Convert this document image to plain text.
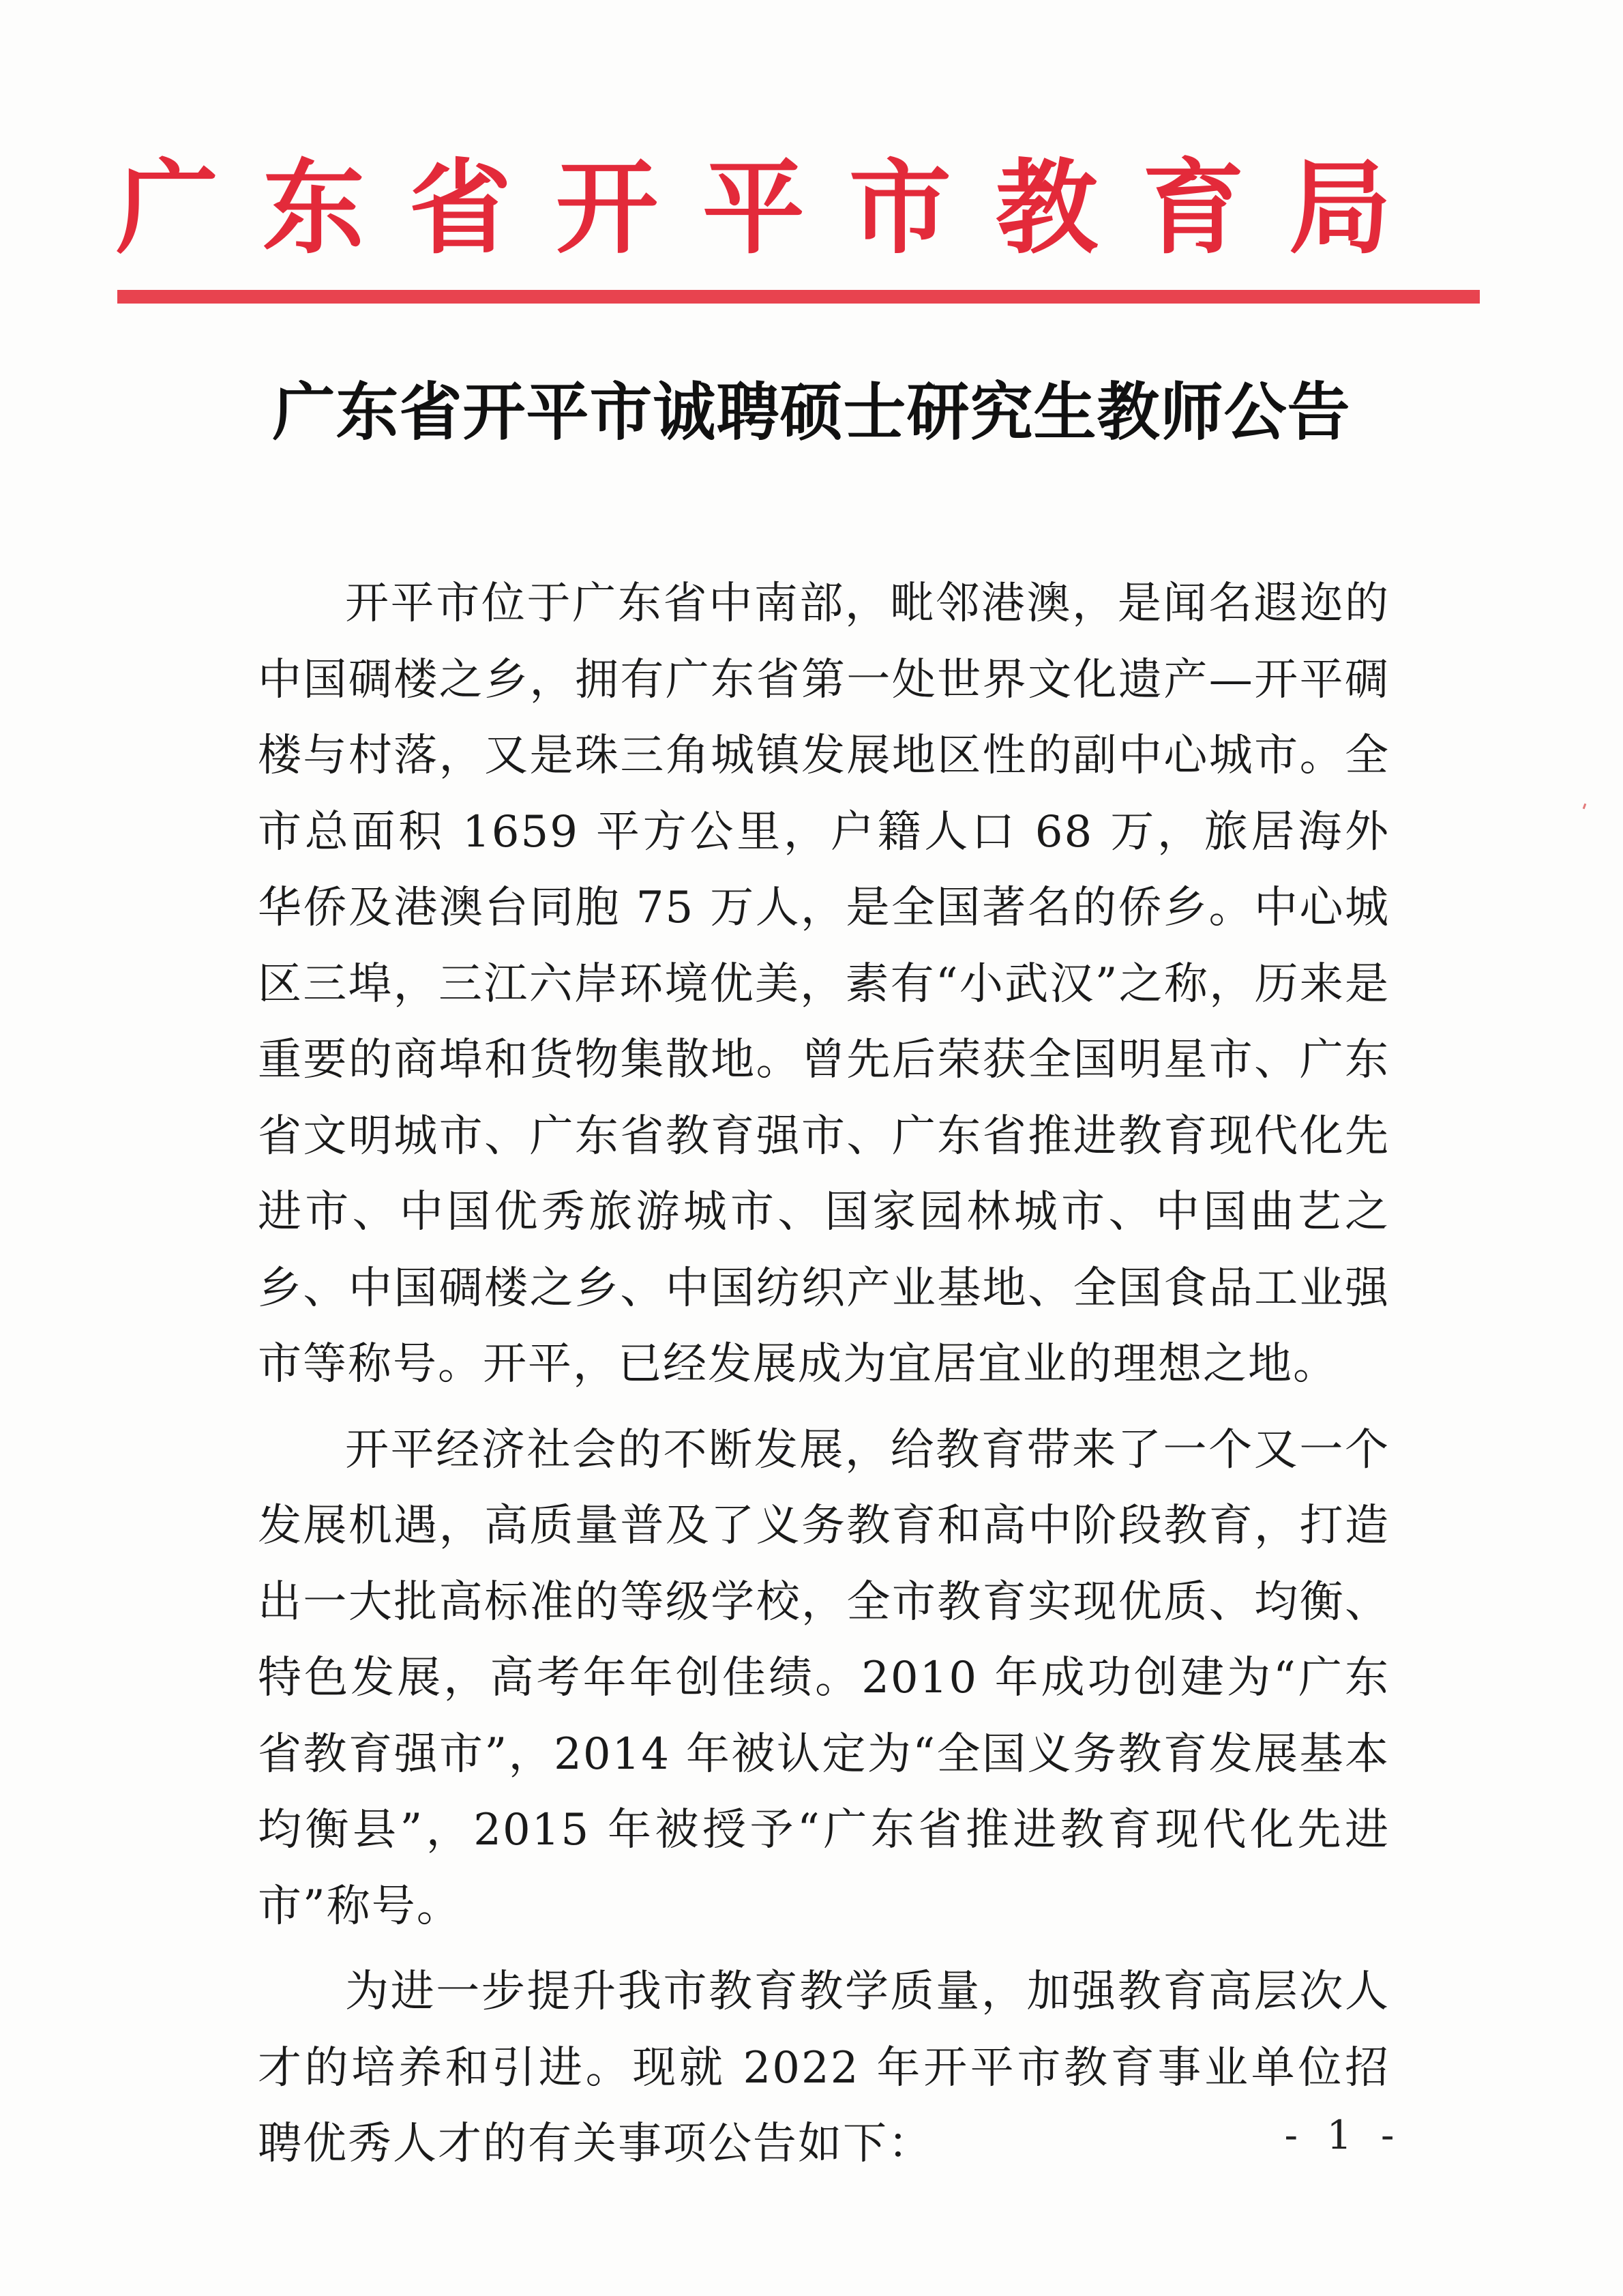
广 东 省 开 平 市 教 育 局
广东省开平市诚聘硕士研究生教师公告

开平市位于广东省中南部，毗邻港澳，是闻名遐迩的中国碉楼之乡，拥有广东省第一处世界文化遗产—开平碉楼与村落，又是珠三角城镇发展地区性的副中心城市。全市总面积 1659 平方公里，户籍人口 68 万，旅居海外华侨及港澳台同胞 75 万人，是全国著名的侨乡。中心城区三埠，三江六岸环境优美，素有“小武汉”之称，历来是重要的商埠和货物集散地。曾先后荣获全国明星市、广东省文明城市、广东省教育强市、广东省推进教育现代化先进市、中国优秀旅游城市、国家园林城市、中国曲艺之乡、中国碉楼之乡、中国纺织产业基地、全国食品工业强市等称号。开平，已经发展成为宜居宜业的理想之地。

开平经济社会的不断发展，给教育带来了一个又一个发展机遇，高质量普及了义务教育和高中阶段教育，打造出一大批高标准的等级学校，全市教育实现优质、均衡、特色发展，高考年年创佳绩。2010 年成功创建为“广东省教育强市”，2014 年被认定为“全国义务教育发展基本均衡县”，2015 年被授予“广东省推进教育现代化先进市”称号。

为进一步提升我市教育教学质量，加强教育高层次人才的培养和引进。现就 2022 年开平市教育事业单位招聘优秀人才的有关事项公告如下：	- 1 -
